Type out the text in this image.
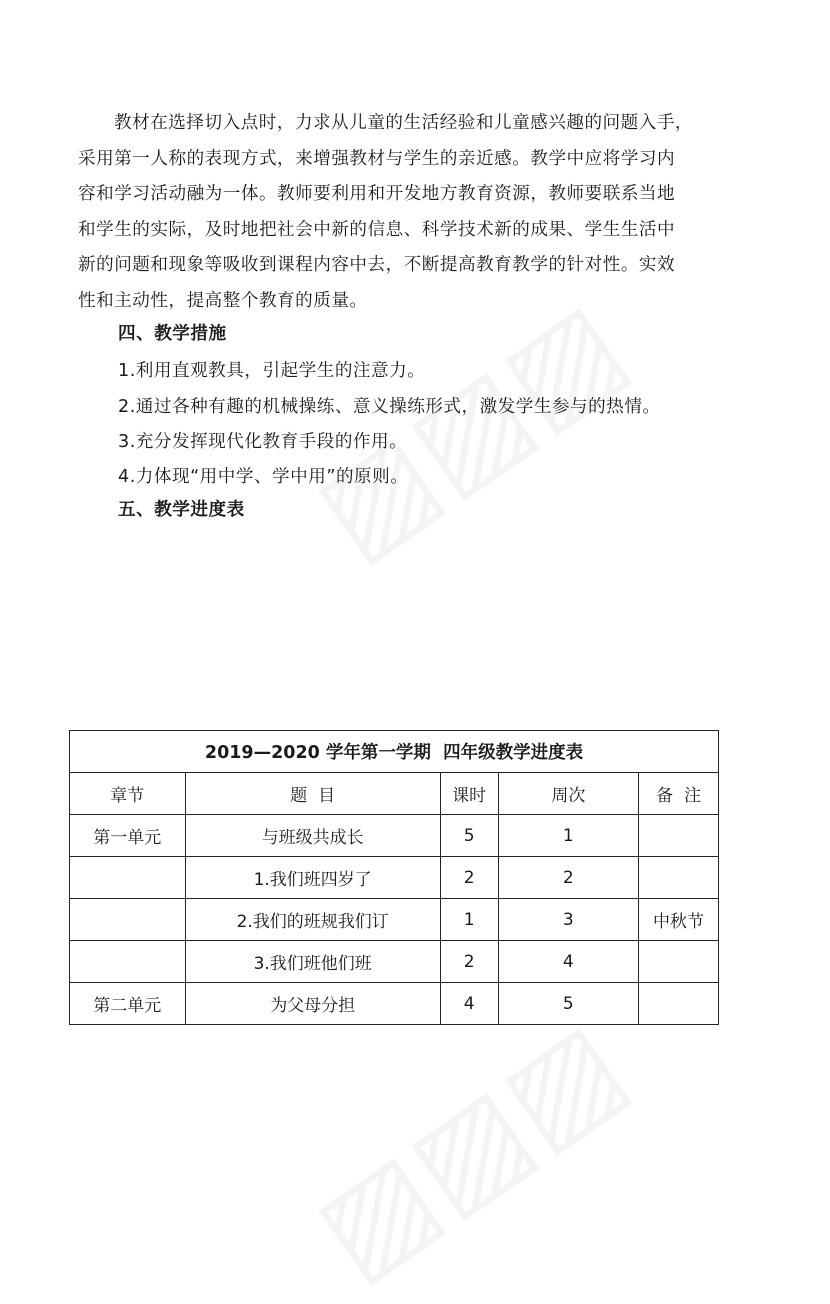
教材在选择切入点时，力求从儿童的生活经验和儿童感兴趣的问题入手，
采用第一人称的表现方式，来增强教材与学生的亲近感。教学中应将学习内
容和学习活动融为一体。教师要利用和开发地方教育资源，教师要联系当地
和学生的实际，及时地把社会中新的信息、科学技术新的成果、学生生活中
新的问题和现象等吸收到课程内容中去，不断提高教育教学的针对性。实效
性和主动性，提高整个教育的质量。

四、教学措施

1.利用直观教具，引起学生的注意力。

2.通过各种有趣的机械操练、意义操练形式，激发学生参与的热情。

3.充分发挥现代化教育手段的作用。

4.力体现“用中学、学中用”的原则。

五、教学进度表

2019—2020 学年第一学期  四年级教学进度表				
章节	题  目	课时	周次	备  注
第一单元	与班级共成长	5	1	
	1.我们班四岁了	2	2	
	2.我们的班规我们订	1	3	中秋节
	3.我们班他们班	2	4	
第二单元	为父母分担	4	5	
